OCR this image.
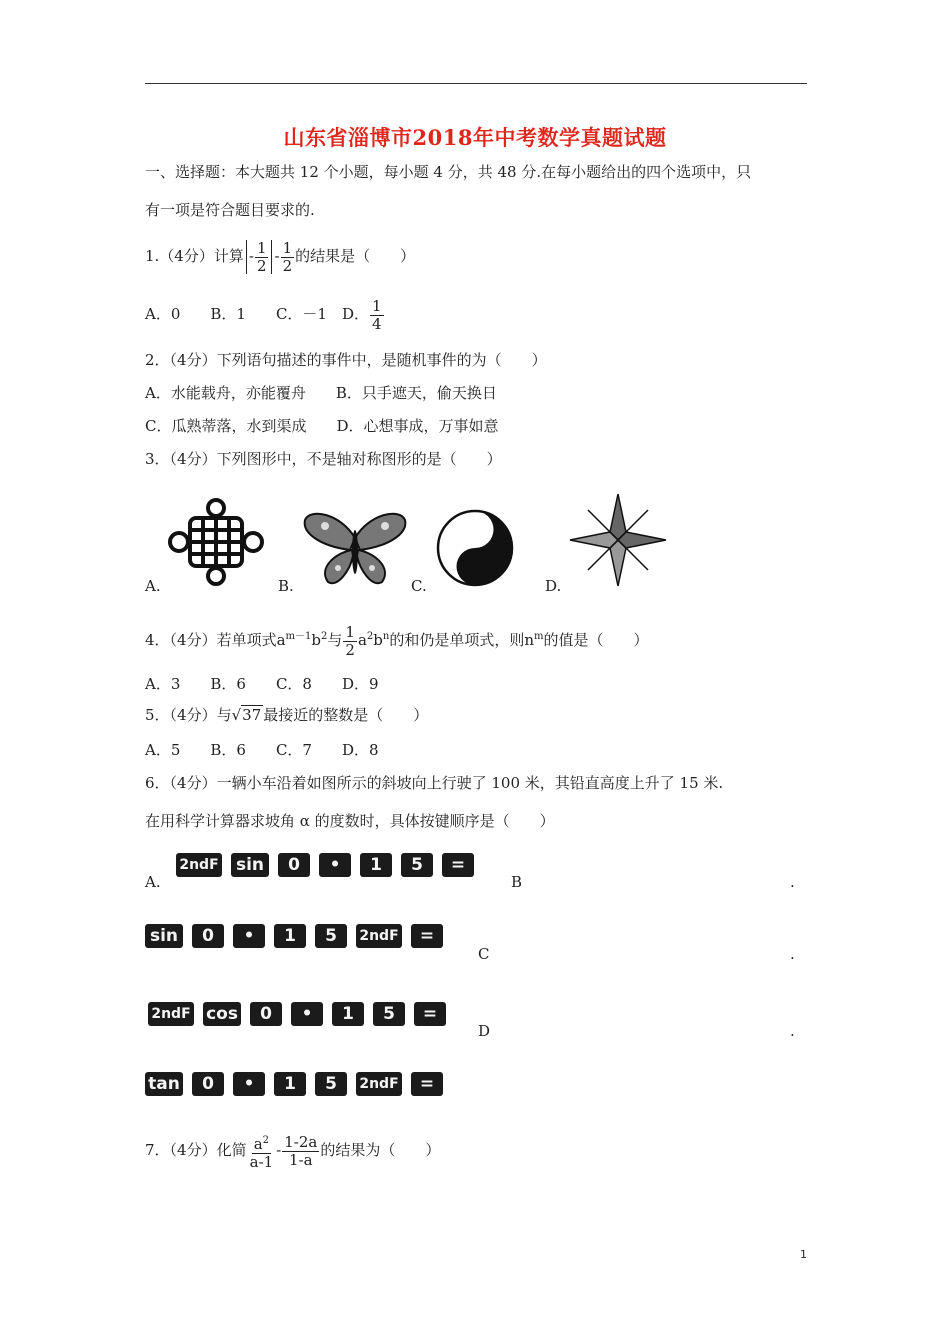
山东省淄博市2018年中考数学真题试题
一、选择题：本大题共 12 个小题，每小题 4 分，共 48 分.在每小题给出的四个选项中，只
有一项是符合题目要求的.
1.（4分）计算 - $\frac{1}{2} - \frac{1}{2}$ 的结果是（　　）
A．0　　B．1　　C．－1　D． $\frac{1}{4}$
2．（4分）下列语句描述的事件中，是随机事件的为（　　）
A．水能载舟，亦能覆舟　　B．只手遮天，偷天换日
C．瓜熟蒂落，水到渠成　　D．心想事成，万事如意
3．（4分）下列图形中，不是轴对称图形的是（　　）
A.	B.	C.	D.
4．（4分）若单项式$a^{m-1}b^2$与 $\frac{1}{2} a^2b^n$的和仍是单项式，则$n^m$的值是（　　）
A．3　　B．6　　C．8　　D．9
5．（4分）与√37 最接近的整数是（　　）
A．5　　B．6　　C．7　　D．8
6．（4分）一辆小车沿着如图所示的斜坡向上行驶了 100 米，其铅直高度上升了 15 米.
在用科学计算器求坡角 α 的度数时，具体按键顺序是（　　）
2ndF sin 0 • 1 5 =
A.	B	.
sin 0 • 1 5 2ndF =
C	.
2ndF cos 0 • 1 5 =
D	.
tan 0 • 1 5 2ndF =
7．（4分）化简 $\frac{a^2}{a-1} - \frac{1-2a}{1-a}$ 的结果为（　　）
1
